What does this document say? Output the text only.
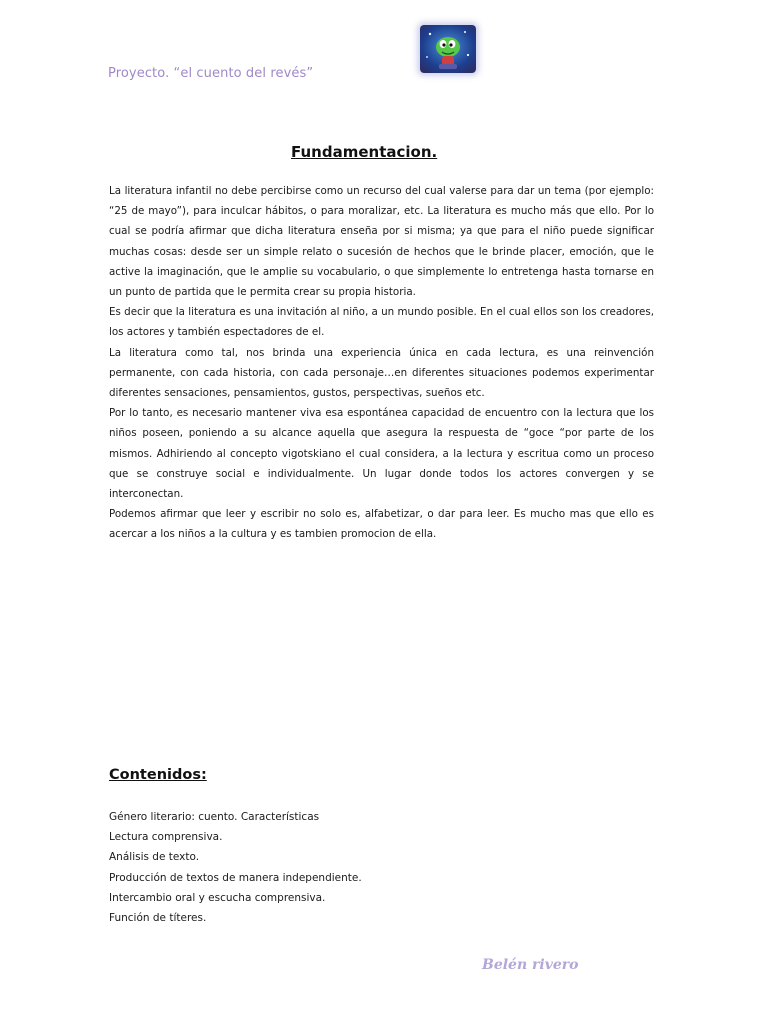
Proyecto. “el cuento del revés”
Fundamentacion.

La literatura infantil no debe percibirse como un recurso del cual valerse para dar un tema (por ejemplo: “25 de mayo”), para inculcar hábitos, o para moralizar, etc. La literatura es mucho más que ello. Por lo cual se podría afirmar que dicha literatura enseña por si misma; ya que para el niño puede significar muchas cosas: desde ser un simple relato o sucesión de hechos que le brinde placer, emoción, que le active la imaginación, que le amplie su vocabulario, o que simplemente lo entretenga hasta tornarse en un punto de partida que le permita crear su propia historia.

Es decir que la literatura es una invitación al niño, a un mundo posible. En el cual ellos son los creadores, los actores y también espectadores de el.

La literatura como tal, nos brinda una experiencia única en cada lectura, es una reinvención permanente, con cada historia, con cada personaje…en diferentes situaciones podemos experimentar diferentes sensaciones, pensamientos, gustos, perspectivas, sueños etc.

Por lo tanto, es necesario mantener viva esa espontánea capacidad de encuentro con la lectura que los niños poseen, poniendo a su alcance aquella que asegura la respuesta de “goce “por parte de los mismos. Adhiriendo al concepto vigotskiano el cual considera, a la lectura y escritua como un proceso que se construye social e individualmente. Un lugar donde todos los actores convergen y se interconectan.

Podemos afirmar que leer y escribir no solo es, alfabetizar, o dar para leer. Es mucho mas que ello es acercar a los niños a la cultura y es tambien promocion de ella.

Contenidos:
Género literario: cuento. Características
Lectura comprensiva.
Análisis de texto.
Producción de textos de manera independiente.
Intercambio oral y escucha comprensiva.
Función de títeres.
Belén rivero
